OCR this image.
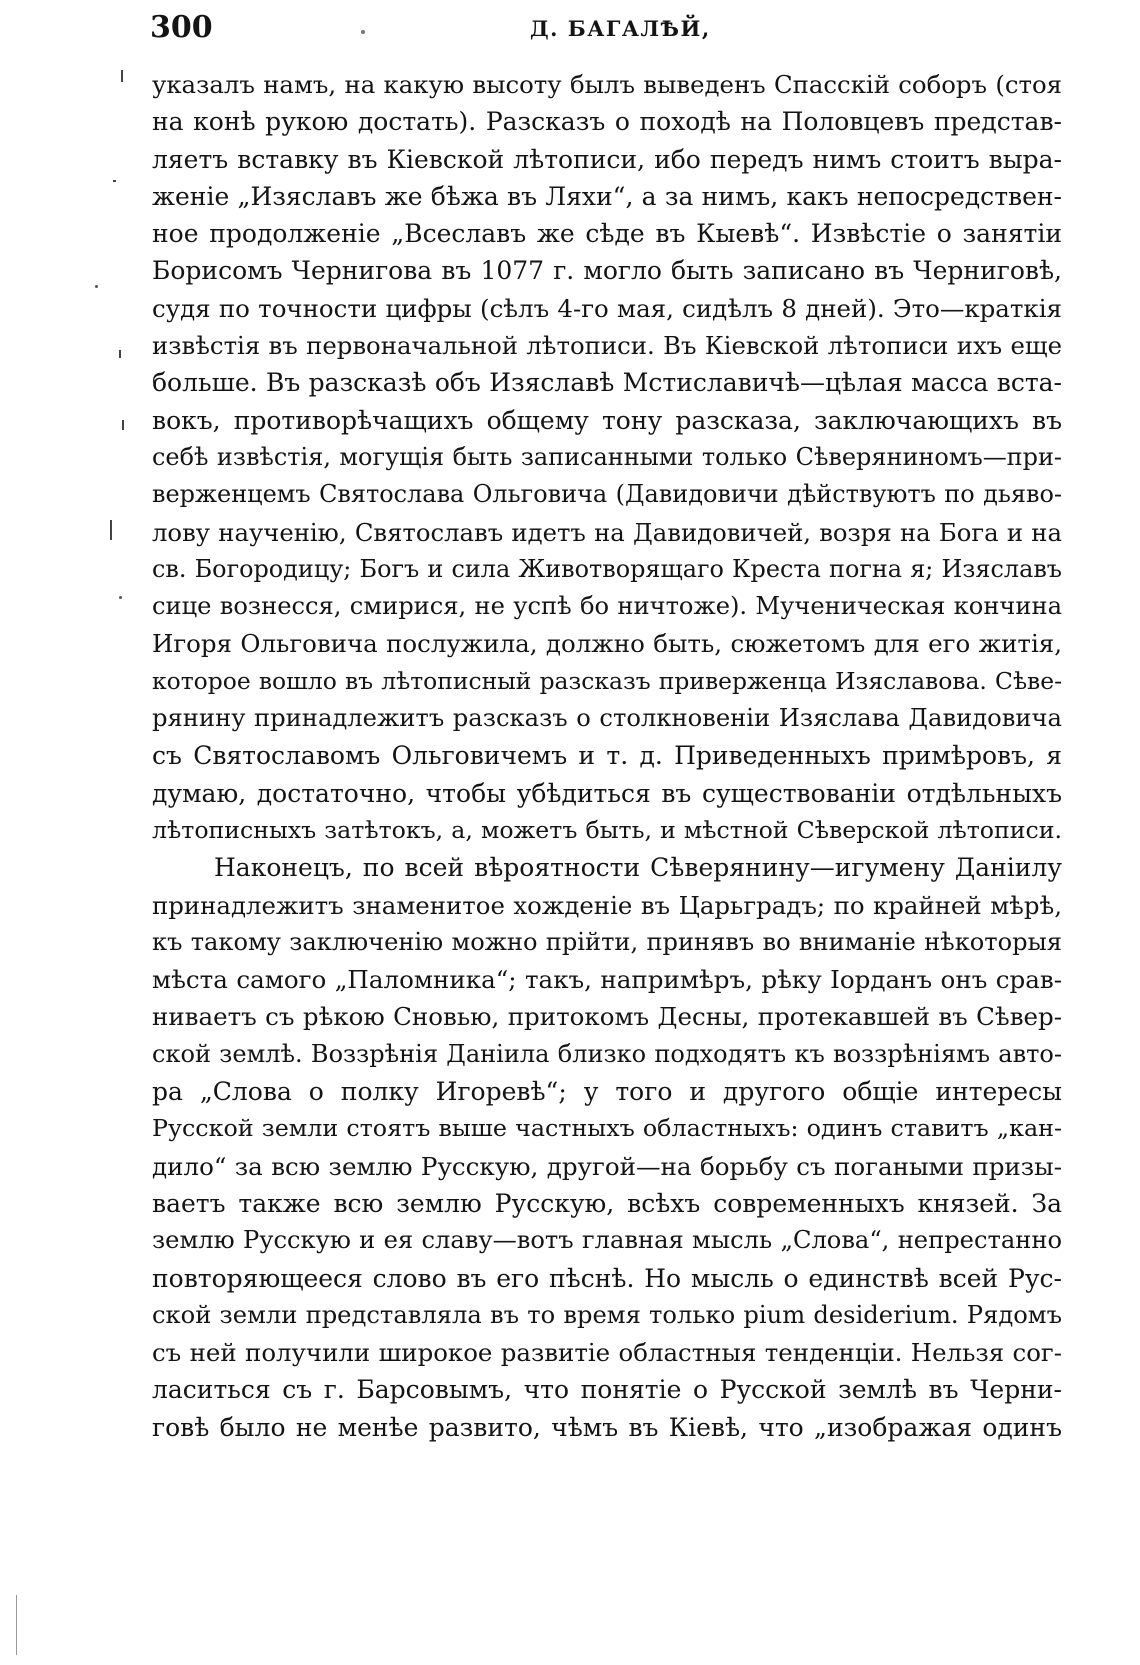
300	Д. БАГАЛѢЙ,
указалъ намъ, на какую высоту былъ выведенъ Спасскій соборъ (стоя
на конѣ рукою достать). Разсказъ о походѣ на Половцевъ представ-
ляетъ вставку въ Кіевской лѣтописи, ибо передъ нимъ стоитъ выра-
женіе „Изяславъ же бѣжа въ Ляхи“, а за нимъ, какъ непосредствен-
ное продолженіе „Всеславъ же сѣде въ Кыевѣ“. Извѣстіе о занятіи
Борисомъ Чернигова въ 1077 г. могло быть записано въ Черниговѣ,
судя по точности цифры (сѣлъ 4-го мая, сидѣлъ 8 дней). Это—краткія
извѣстія въ первоначальной лѣтописи. Въ Кіевской лѣтописи ихъ еще
больше. Въ разсказѣ объ Изяславѣ Мстиславичѣ—цѣлая масса вста-
вокъ, противорѣчащихъ общему тону разсказа, заключающихъ въ
себѣ извѣстія, могущія быть записанными только Сѣверяниномъ—при-
верженцемъ Святослава Ольговича (Давидовичи дѣйствуютъ по дьяво-
лову наученію, Святославъ идетъ на Давидовичей, возря на Бога и на
св. Богородицу; Богъ и сила Животворящаго Креста погна я; Изяславъ
сице вознесся, смирися, не успѣ бо ничтоже). Мученическая кончина
Игоря Ольговича послужила, должно быть, сюжетомъ для его житія,
которое вошло въ лѣтописный разсказъ приверженца Изяславова. Сѣве-
рянину принадлежитъ разсказъ о столкновеніи Изяслава Давидовича
съ Святославомъ Ольговичемъ и т. д. Приведенныхъ примѣровъ, я
думаю, достаточно, чтобы убѣдиться въ существованіи отдѣльныхъ
лѣтописныхъ затѣтокъ, а, можетъ быть, и мѣстной Сѣверской лѣтописи.
Наконецъ, по всей вѣроятности Сѣверянину—игумену Даніилу
принадлежитъ знаменитое хожденіе въ Царьградъ; по крайней мѣрѣ,
къ такому заключенію можно прійти, принявъ во вниманіе нѣкоторыя
мѣста самого „Паломника“; такъ, напримѣръ, рѣку Іорданъ онъ срав-
ниваетъ съ рѣкою Сновью, притокомъ Десны, протекавшей въ Сѣвер-
ской землѣ. Воззрѣнія Даніила близко подходятъ къ воззрѣніямъ авто-
ра „Слова о полку Игоревѣ“; у того и другого общіе интересы
Русской земли стоятъ выше частныхъ областныхъ: одинъ ставитъ „кан-
дило“ за всю землю Русскую, другой—на борьбу съ погаными призы-
ваетъ также всю землю Русскую, всѣхъ современныхъ князей. За
землю Русскую и ея славу—вотъ главная мысль „Слова“, непрестанно
повторяющееся слово въ его пѣснѣ. Но мысль о единствѣ всей Рус-
ской земли представляла въ то время только pium desiderium. Рядомъ
съ ней получили широкое развитіе областныя тенденціи. Нельзя сог-
ласиться съ г. Барсовымъ, что понятіе о Русской землѣ въ Черни-
говѣ было не менѣе развито, чѣмъ въ Кіевѣ, что „изображая одинъ
